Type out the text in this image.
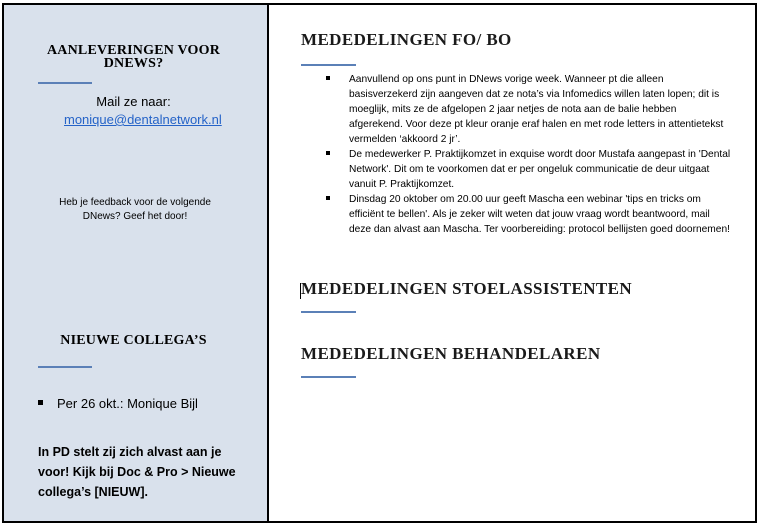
AANLEVERINGEN VOOR
DNEWS?
Mail ze naar:
monique@dentalnetwork.nl
Heb je feedback voor de volgende
DNews? Geef het door!
NIEUWE COLLEGA’S
Per 26 okt.: Monique Bijl
In PD stelt zij zich alvast aan je voor! Kijk bij Doc & Pro > Nieuwe collega’s [NIEUW].
MEDEDELINGEN FO/ BO
Aanvullend op ons punt in DNews vorige week. Wanneer pt die alleen basisverzekerd zijn aangeven dat ze nota’s via Infomedics willen laten lopen; dit is moeglijk, mits ze de afgelopen 2 jaar netjes de nota aan de balie hebben afgerekend. Voor deze pt kleur oranje eraf halen en met rode letters in attentietekst vermelden ‘akkoord 2 jr’.
De medewerker P. Praktijkomzet in exquise wordt door Mustafa aangepast in 'Dental Network'. Dit om te voorkomen dat er per ongeluk communicatie de deur uitgaat vanuit P. Praktijkomzet.
Dinsdag 20 oktober om 20.00 uur geeft Mascha een webinar 'tips en tricks om efficiënt te bellen'. Als je zeker wilt weten dat jouw vraag wordt beantwoord, mail deze dan alvast aan Mascha. Ter voorbereiding: protocol bellijsten goed doornemen!
MEDEDELINGEN STOELASSISTENTEN
MEDEDELINGEN BEHANDELAREN
